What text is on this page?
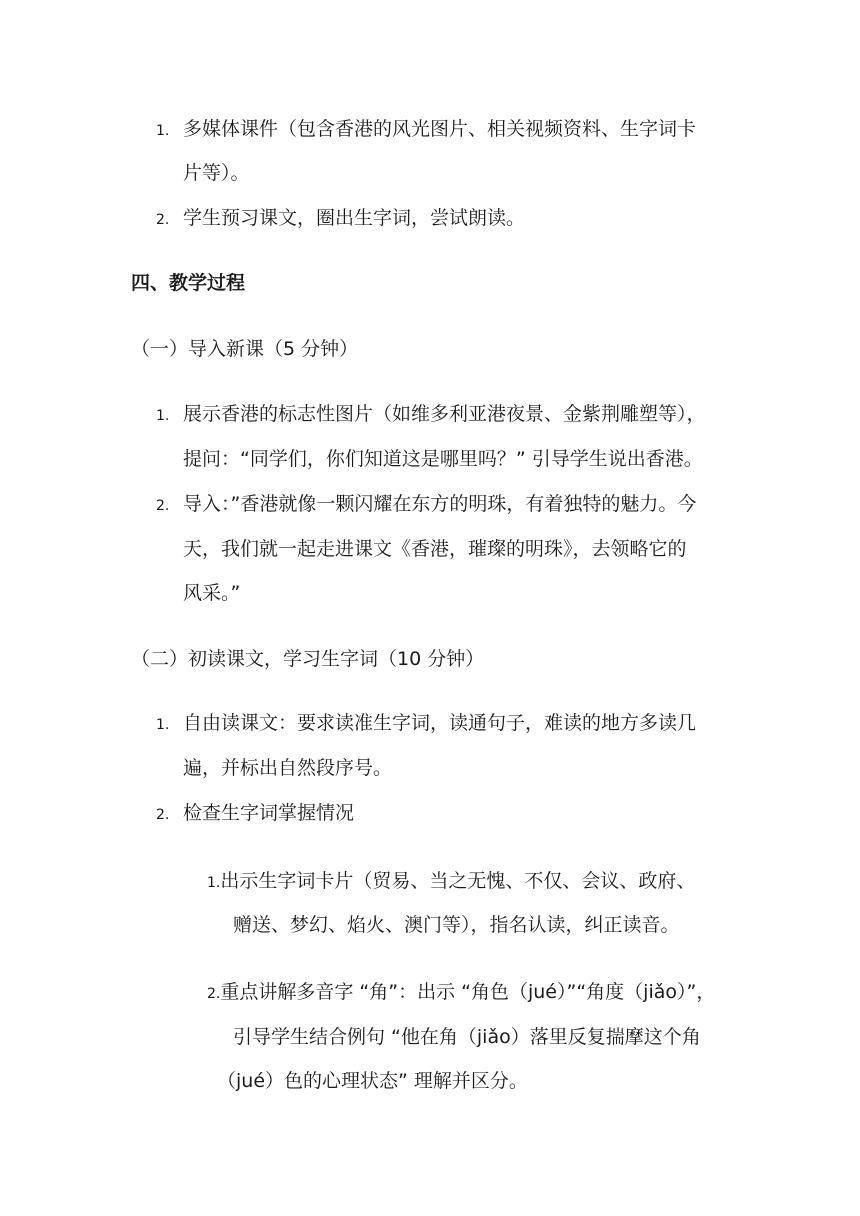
1. 多媒体课件（包含香港的风光图片、相关视频资料、生字词卡
片等）。
2. 学生预习课文，圈出生字词，尝试朗读。
四、教学过程
（一）导入新课（5 分钟）
1. 展示香港的标志性图片（如维多利亚港夜景、金紫荆雕塑等），
提问：“同学们，你们知道这是哪里吗？” 引导学生说出香港。
2. 导入：”香港就像一颗闪耀在东方的明珠，有着独特的魅力。今
天，我们就一起走进课文《香港，璀璨的明珠》，去领略它的
风采。”
（二）初读课文，学习生字词（10 分钟）
1. 自由读课文：要求读准生字词，读通句子，难读的地方多读几
遍，并标出自然段序号。
2. 检查生字词掌握情况
1.出示生字词卡片（贸易、当之无愧、不仅、会议、政府、
赠送、梦幻、焰火、澳门等），指名认读，纠正读音。
2.重点讲解多音字 “角”：出示 “角色（jué）”“角度（jiǎo）”，
引导学生结合例句 “他在角（jiǎo）落里反复揣摩这个角
（jué）色的心理状态” 理解并区分。
